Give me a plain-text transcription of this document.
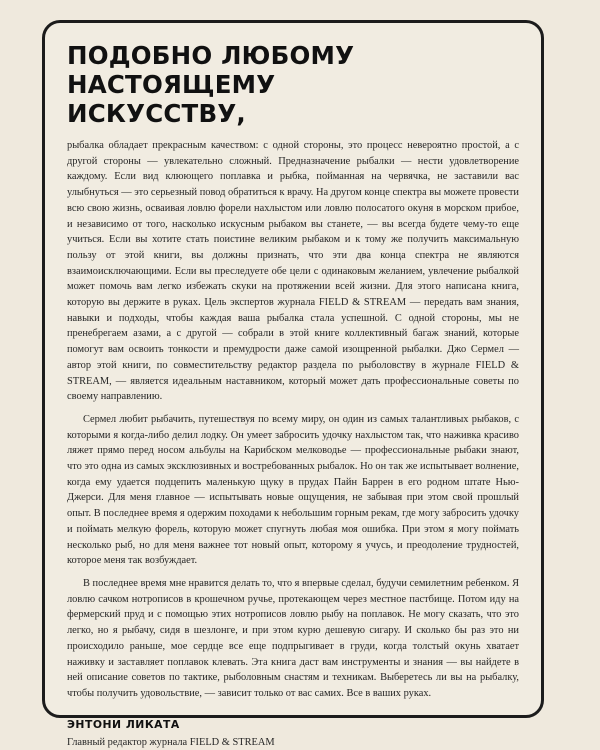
ПОДОБНО ЛЮБОМУ НАСТОЯЩЕМУ
ИСКУССТВУ,

рыбалка обладает прекрасным качеством: с одной стороны, это процесс невероятно простой, а с другой стороны — увлекательно сложный. Предназначение рыбалки — нести удовлетворение каждому. Если вид клюющего поплавка и рыбка, пойманная на червячка, не заставили вас улыбнуться — это серьезный повод обратиться к врачу. На другом конце спектра вы можете провести всю свою жизнь, осваивая ловлю форели нахлыстом или ловлю полосатого окуня в морском прибое, и независимо от того, насколько искусным рыбаком вы станете, — вы всегда будете чему-то еще учиться. Если вы хотите стать поистине великим рыбаком и к тому же получить максимальную пользу от этой книги, вы должны признать, что эти два конца спектра не являются взаимоисключающими. Если вы преследуете обе цели с одинаковым желанием, увлечение рыбалкой может помочь вам легко избежать скуки на протяжении всей жизни. Для этого написана книга, которую вы держите в руках. Цель экспертов журнала FIELD & STREAM — передать вам знания, навыки и подходы, чтобы каждая ваша рыбалка стала успешной. С одной стороны, мы не пренебрегаем азами, а с другой — собрали в этой книге коллективный багаж знаний, которые помогут вам освоить тонкости и премудрости даже самой изощренной рыбалки. Джо Сермел — автор этой книги, по совместительству редактор раздела по рыболовству в журнале FIELD & STREAM, — является идеальным наставником, который может дать профессиональные советы по своему направлению.

Сермел любит рыбачить, путешествуя по всему миру, он один из самых талантливых рыбаков, с которыми я когда-либо делил лодку. Он умеет забросить удочку нахлыстом так, что наживка красиво ляжет прямо перед носом альбулы на Карибском мелководье — профессиональные рыбаки знают, что это одна из самых эксклюзивных и востребованных рыбалок. Но он так же испытывает волнение, когда ему удается подцепить маленькую щуку в прудах Пайн Баррен в его родном штате Нью-Джерси. Для меня главное — испытывать новые ощущения, не забывая при этом свой прошлый опыт. В последнее время я одержим походами к небольшим горным рекам, где могу забросить удочку и поймать мелкую форель, которую может спугнуть любая моя ошибка. При этом я могу поймать несколько рыб, но для меня важнее тот новый опыт, которому я учусь, и преодоление трудностей, которое меня так возбуждает.

В последнее время мне нравится делать то, что я впервые сделал, будучи семилетним ребенком. Я ловлю сачком нотрописов в крошечном ручье, протекающем через местное пастбище. Потом иду на фермерский пруд и с помощью этих нотрописов ловлю рыбу на поплавок. Не могу сказать, что это легко, но я рыбачу, сидя в шезлонге, и при этом курю дешевую сигару. И сколько бы раз это ни происходило раньше, мое сердце все еще подпрыгивает в груди, когда толстый окунь хватает наживку и заставляет поплавок клевать. Эта книга даст вам инструменты и знания — вы найдете в ней описание советов по тактике, рыболовным снастям и техникам. Выберетесь ли вы на рыбалку, чтобы получить удовольствие, — зависит только от вас самих. Все в ваших руках.

ЭНТОНИ ЛИКАТА
Главный редактор журнала FIELD & STREAM
